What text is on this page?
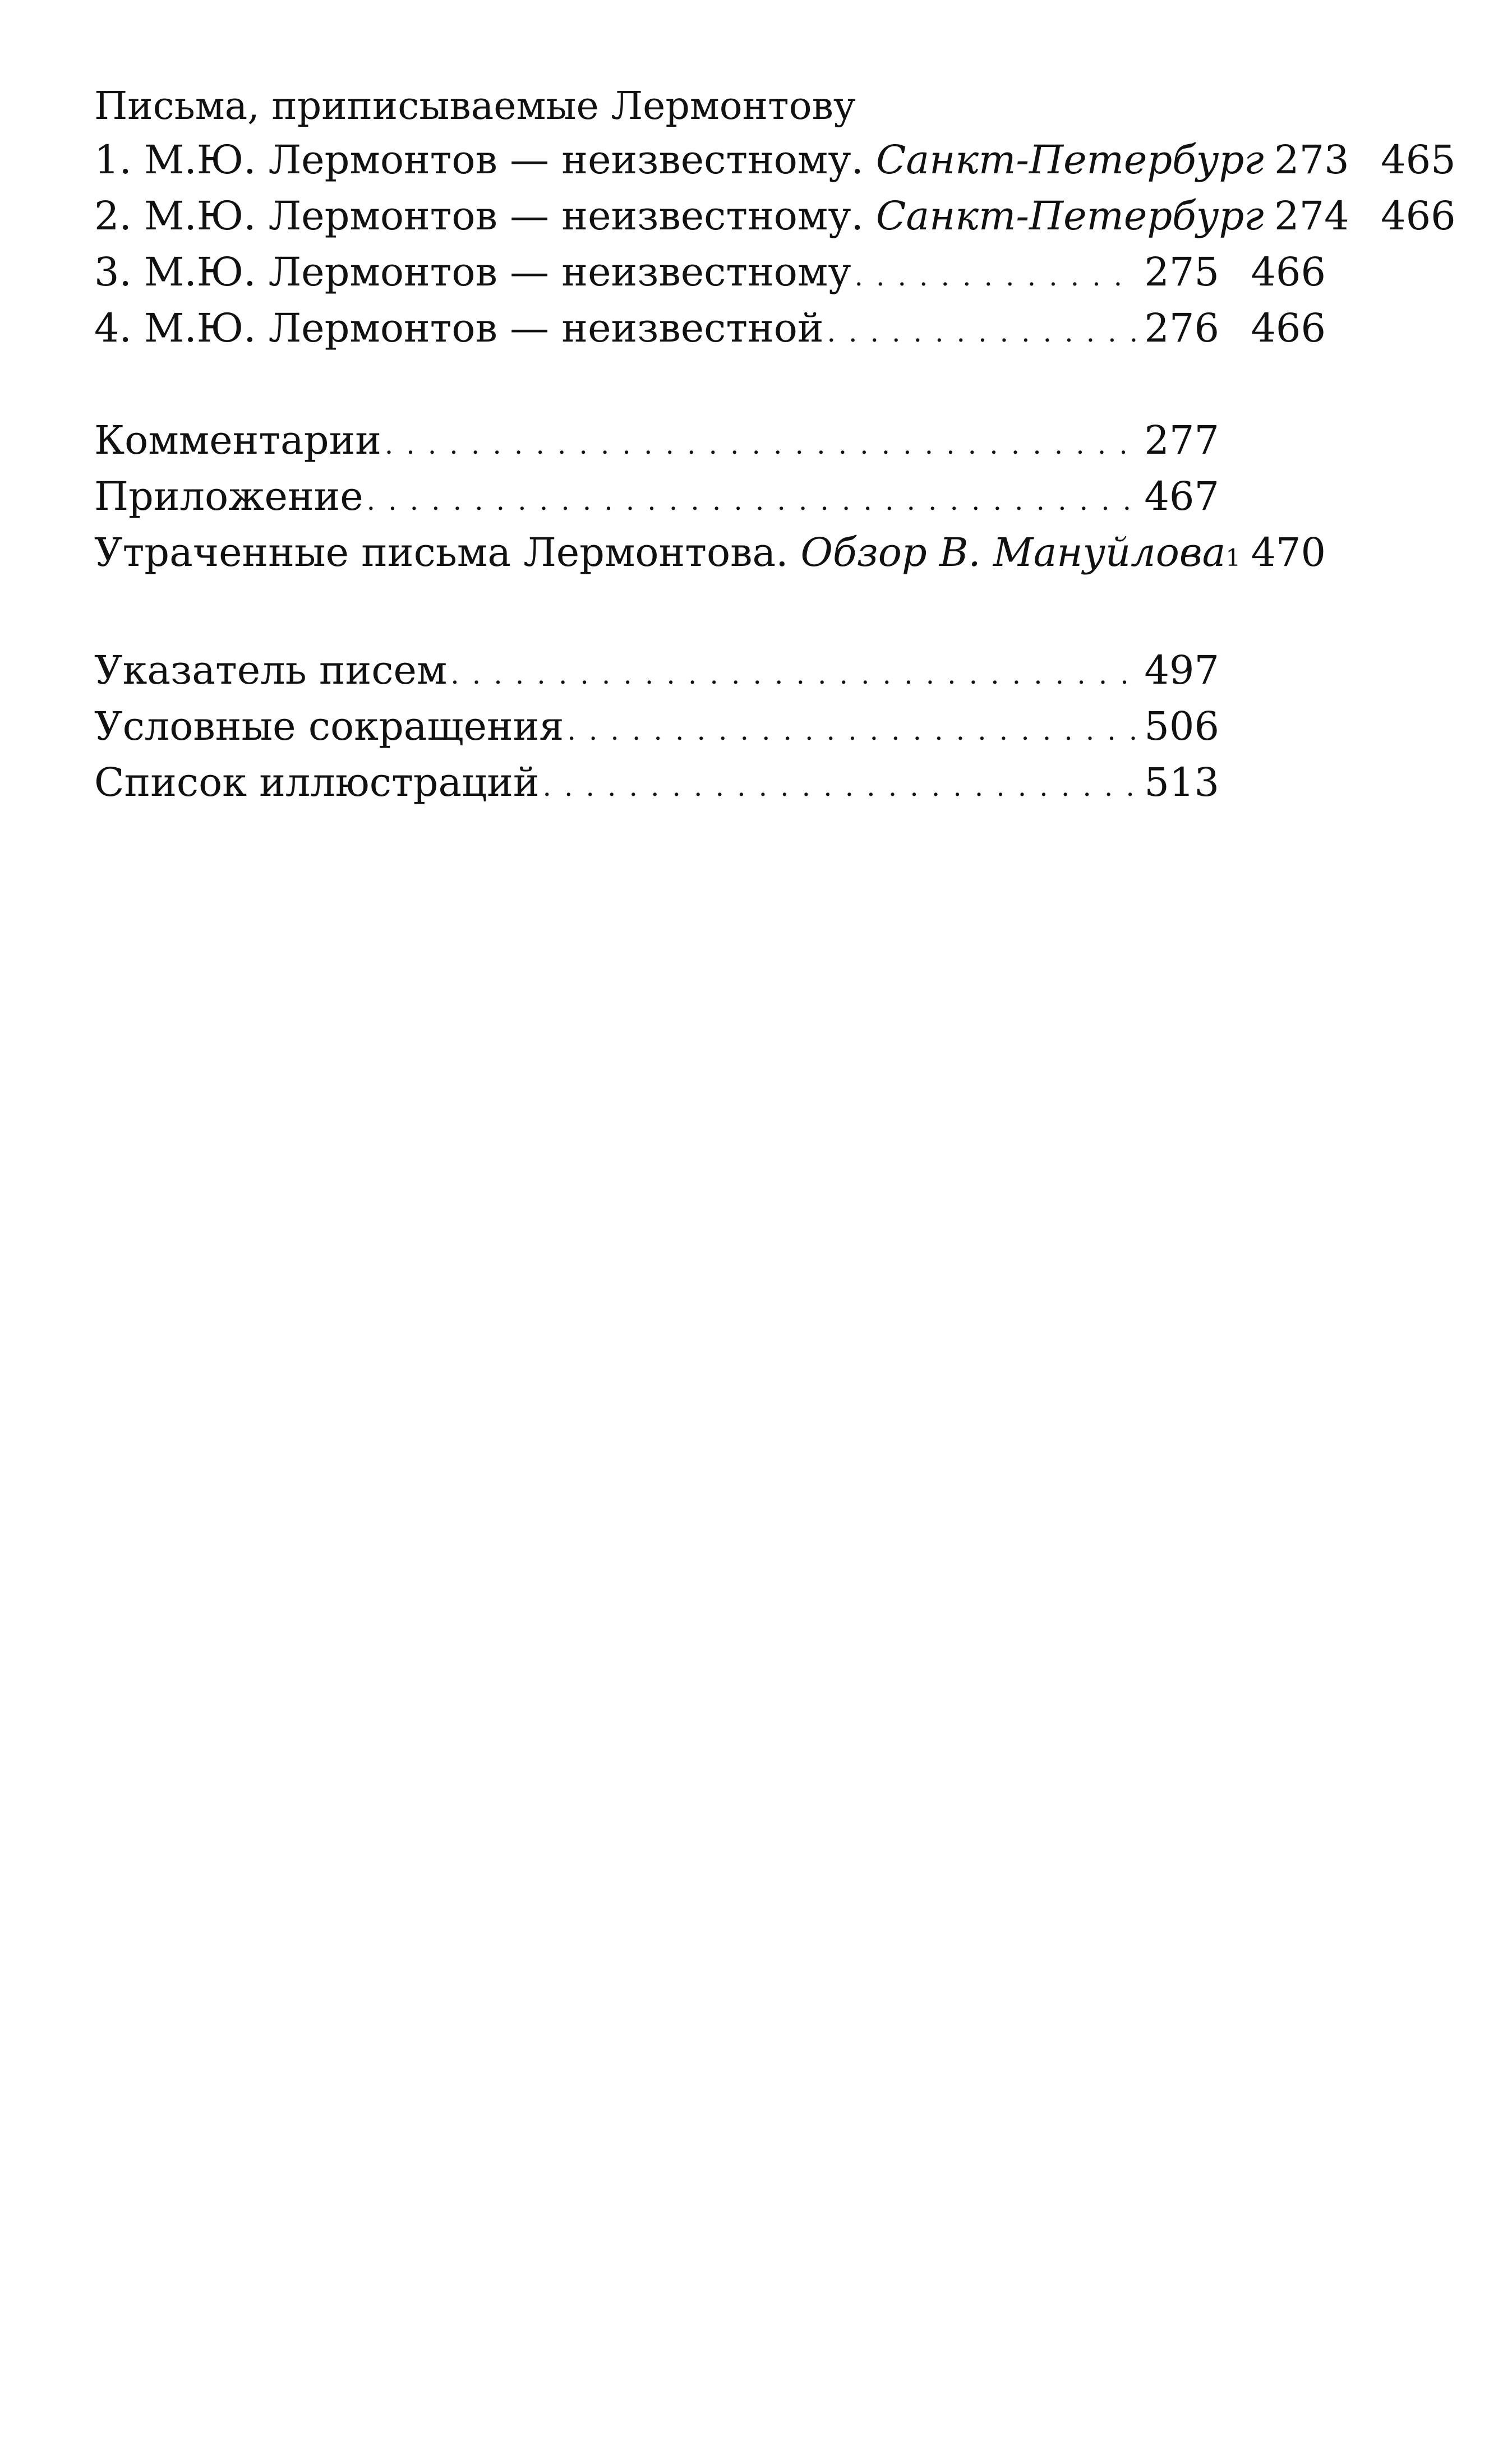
Письма, приписываемые Лермонтову
1. М.Ю. Лермонтов — неизвестному. Санкт-Петербург 273 465
2. М.Ю. Лермонтов — неизвестному. Санкт-Петербург 274 466
3. М.Ю. Лермонтов — неизвестному . . .	275 466
4. М.Ю. Лермонтов — неизвестной . . .	276 466
Комментарии . . .	277
Приложение . . .	467
Утраченные письма Лермонтова. Обзор В. Мануйлова 1 470
Указатель писем . . .	497
Условные сокращения . . .	506
Список иллюстраций . . .	513
